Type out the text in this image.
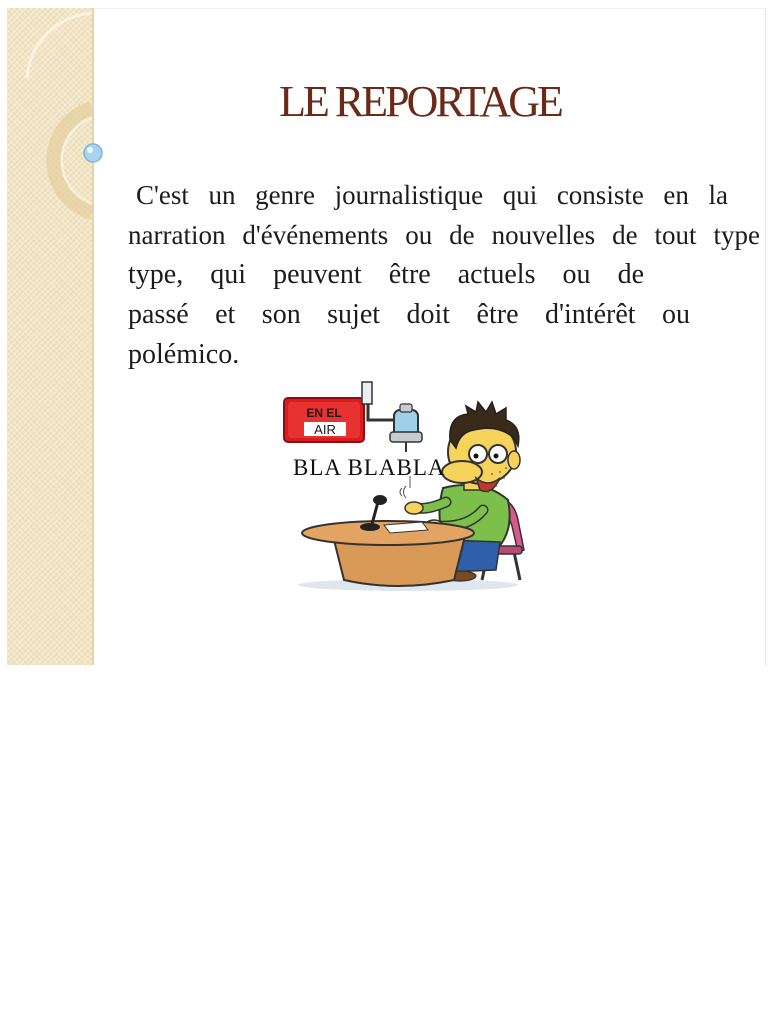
LE REPORTAGE
C'est un genre journalistique qui consiste en la
narration d'événements ou de nouvelles de tout type
type, qui peuvent être actuels ou de
passé et son sujet doit être d'intérêt ou
polémico.
EN EL
AIR
BLA BLABLA
